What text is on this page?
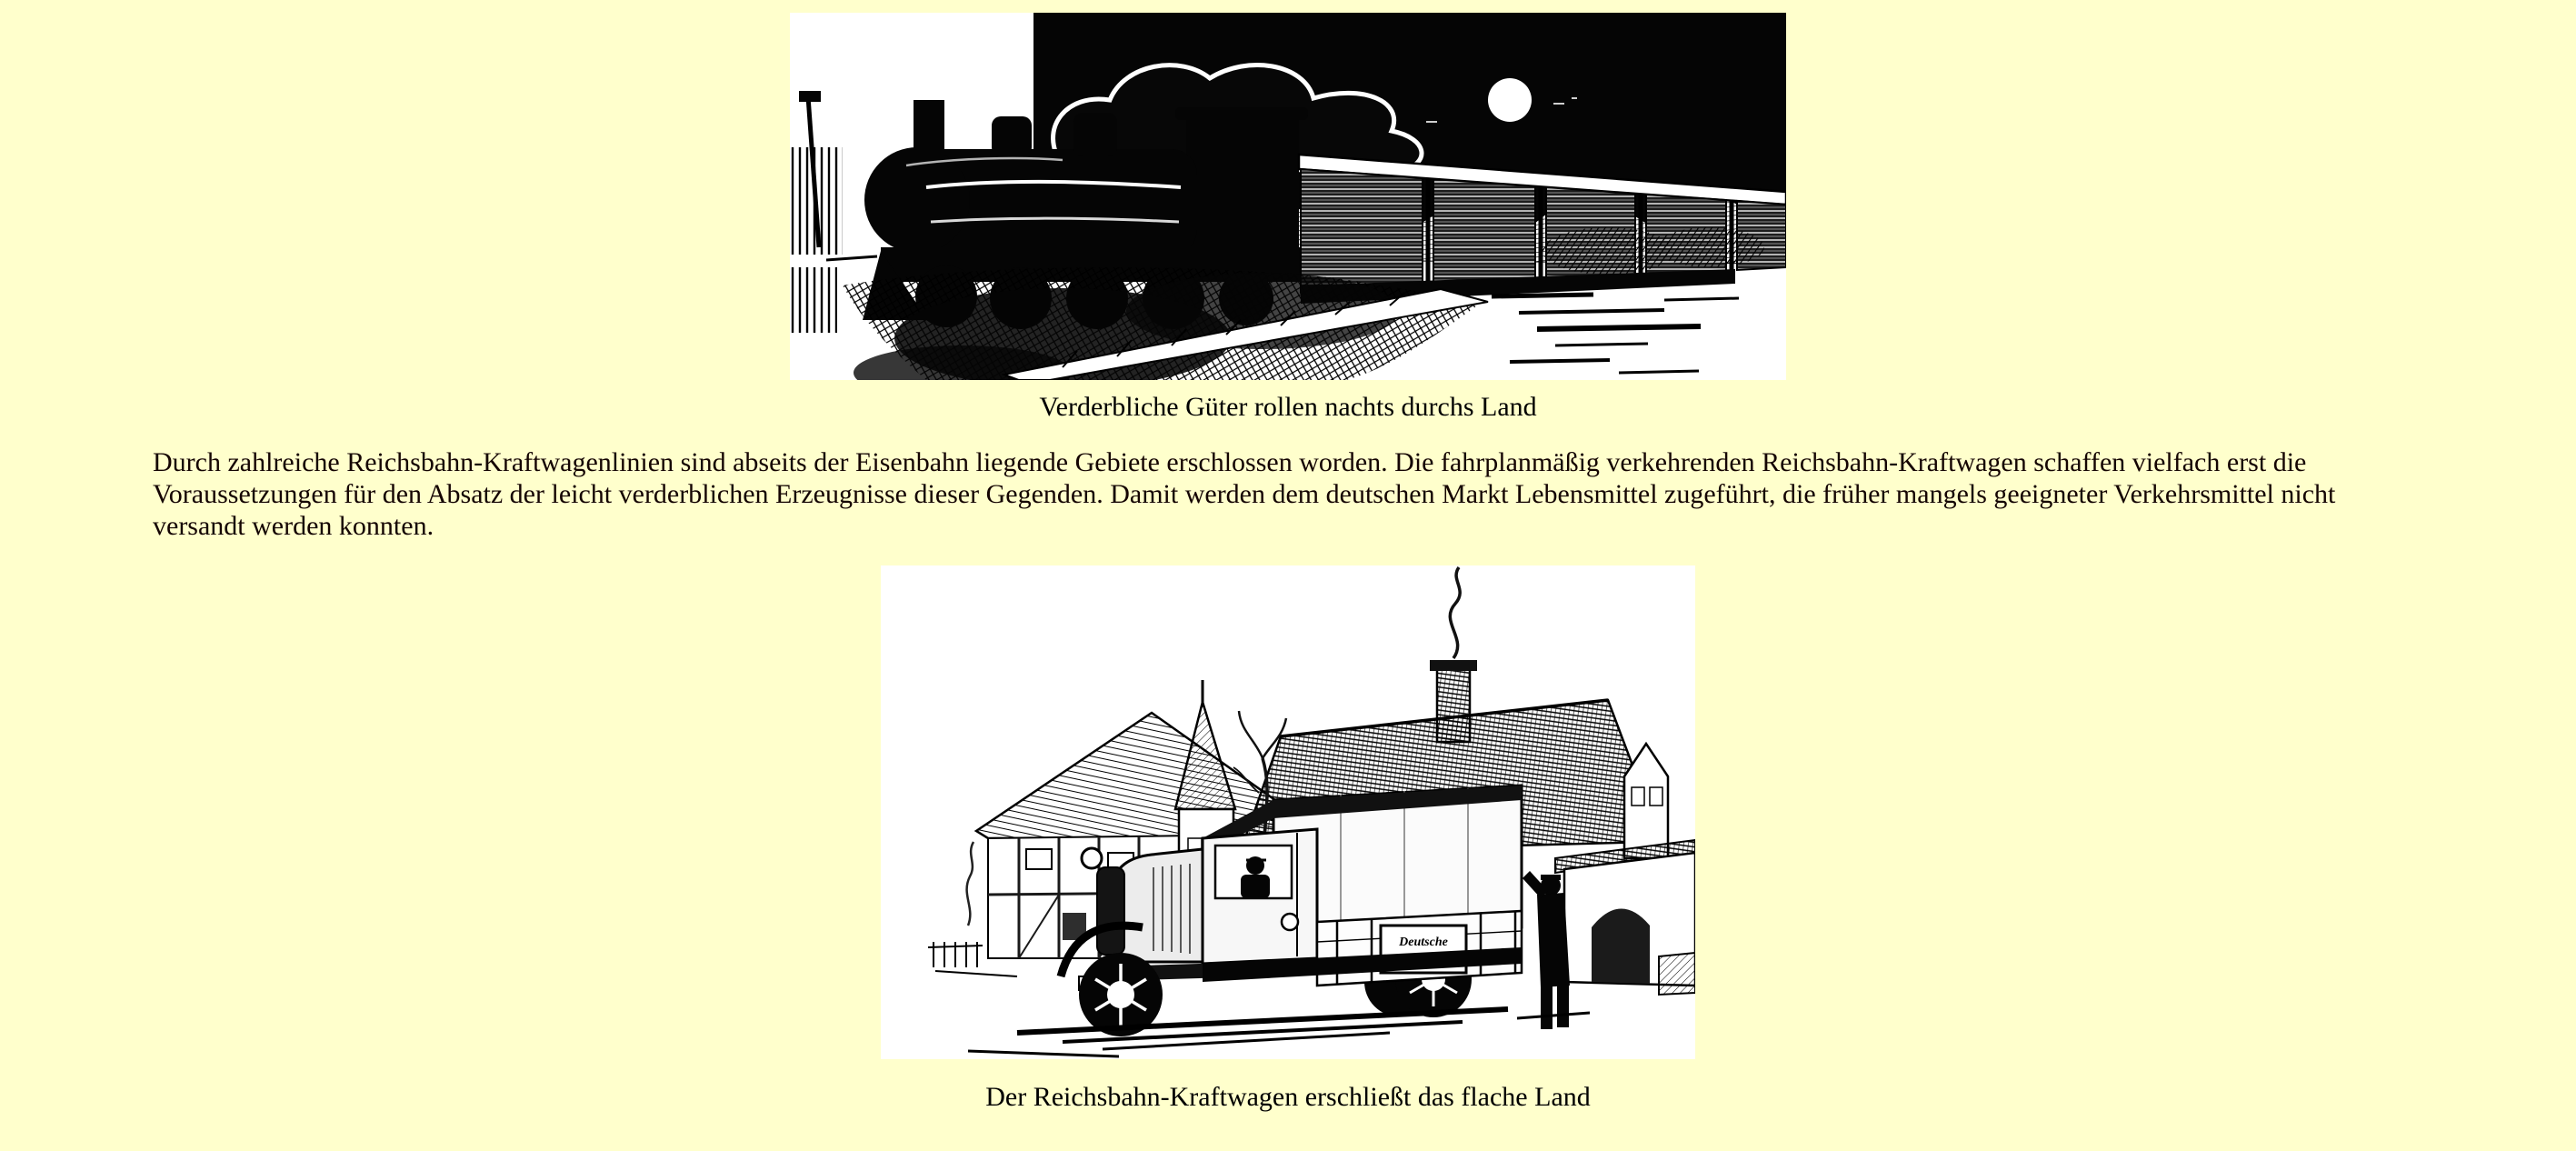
Verderbliche Güter rollen nachts durchs Land

Durch zahlreiche Reichsbahn-Kraftwagenlinien sind abseits der Eisenbahn liegende Gebiete erschlossen worden. Die fahrplanmäßig verkehrenden Reichsbahn-Kraftwagen schaffen vielfach erst die Voraussetzungen für den Absatz der leicht verderblichen Erzeugnisse dieser Gegenden. Damit werden dem deutschen Markt Lebensmittel zugeführt, die früher mangels geeigneter Verkehrsmittel nicht versandt werden konnten.

Deutsche
Der Reichsbahn-Kraftwagen erschließt das flache Land
